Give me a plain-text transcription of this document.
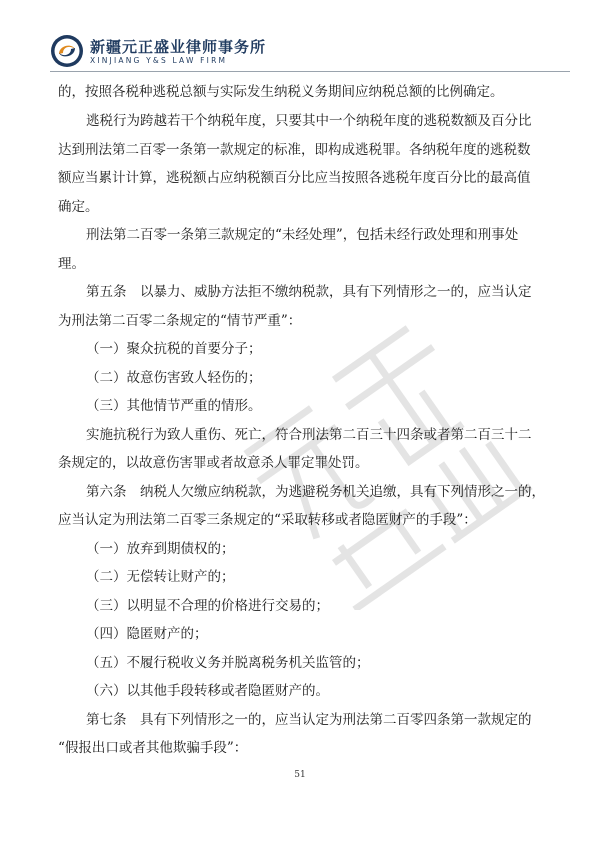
新疆元正盛业律师事务所
XINJIANG Y&S LAW FIRM
的，按照各税种逃税总额与实际发生纳税义务期间应纳税总额的比例确定。
逃税行为跨越若干个纳税年度，只要其中一个纳税年度的逃税数额及百分比
达到刑法第二百零一条第一款规定的标准，即构成逃税罪。各纳税年度的逃税数
额应当累计计算，逃税额占应纳税额百分比应当按照各逃税年度百分比的最高值
确定。
刑法第二百零一条第三款规定的“未经处理”，包括未经行政处理和刑事处
理。
第五条　以暴力、威胁方法拒不缴纳税款，具有下列情形之一的，应当认定
为刑法第二百零二条规定的“情节严重”：
（一）聚众抗税的首要分子；
（二）故意伤害致人轻伤的；
（三）其他情节严重的情形。
实施抗税行为致人重伤、死亡，符合刑法第二百三十四条或者第二百三十二
条规定的，以故意伤害罪或者故意杀人罪定罪处罚。
第六条　纳税人欠缴应纳税款，为逃避税务机关追缴，具有下列情形之一的，
应当认定为刑法第二百零三条规定的“采取转移或者隐匿财产的手段”：
（一）放弃到期债权的；
（二）无偿转让财产的；
（三）以明显不合理的价格进行交易的；
（四）隐匿财产的；
（五）不履行税收义务并脱离税务机关监管的；
（六）以其他手段转移或者隐匿财产的。
第七条　具有下列情形之一的，应当认定为刑法第二百零四条第一款规定的
“假报出口或者其他欺骗手段”：
51
